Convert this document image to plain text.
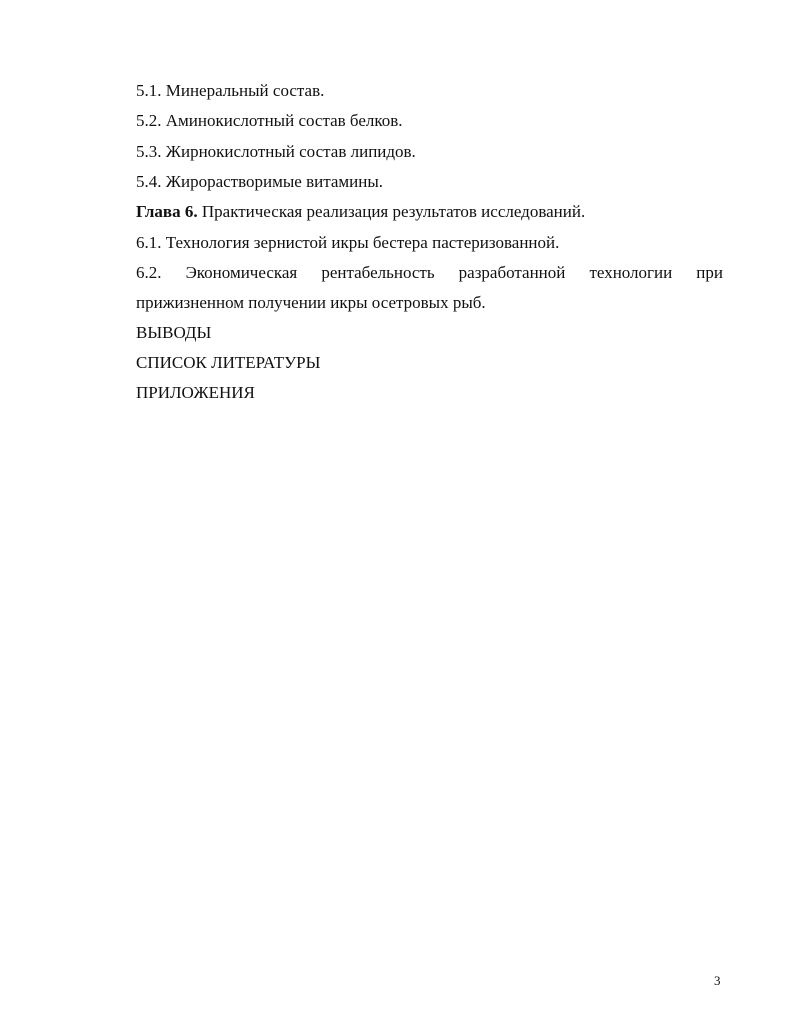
5.1. Минеральный состав.
5.2. Аминокислотный состав белков.
5.3. Жирнокислотный состав липидов.
5.4. Жирорастворимые витамины.
Глава 6. Практическая реализация результатов исследований.
6.1. Технология зернистой икры бестера пастеризованной.
6.2. Экономическая рентабельность разработанной технологии при
прижизненном получении икры осетровых рыб.
ВЫВОДЫ
СПИСОК ЛИТЕРАТУРЫ
ПРИЛОЖЕНИЯ
3
